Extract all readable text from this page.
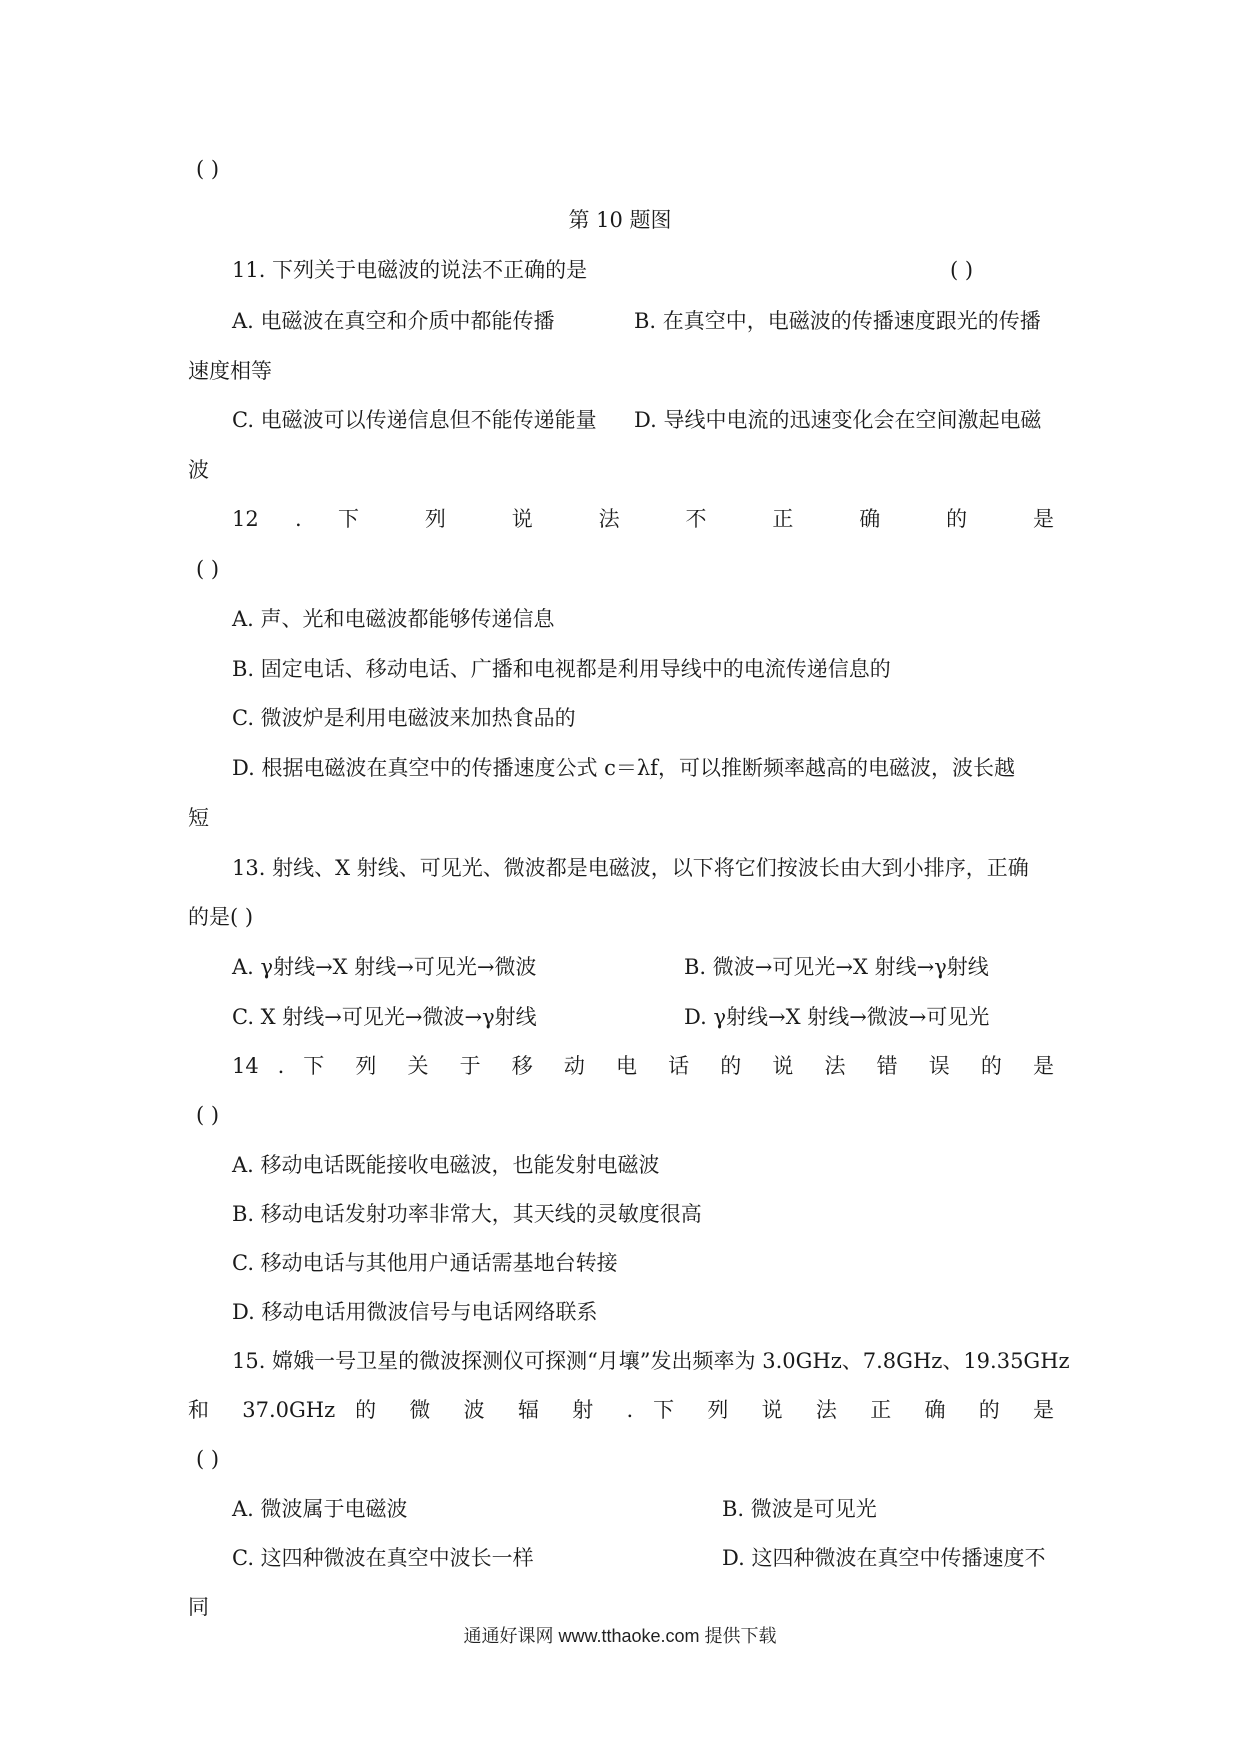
( )
第 10 题图
11. 下列关于电磁波的说法不正确的是	( )
A. 电磁波在真空和介质中都能传播	B. 在真空中，电磁波的传播速度跟光的传播
速度相等
C. 电磁波可以传递信息但不能传递能量 D. 导线中电流的迅速变化会在空间激起电磁
波
12 . 下 列 说 法 不 正 确 的 是
( )
A. 声、光和电磁波都能够传递信息
B. 固定电话、移动电话、广播和电视都是利用导线中的电流传递信息的
C. 微波炉是利用电磁波来加热食品的
D. 根据电磁波在真空中的传播速度公式 c＝λf，可以推断频率越高的电磁波，波长越
短
13. 射线、X 射线、可见光、微波都是电磁波，以下将它们按波长由大到小排序，正确
的是( )
A. γ射线→X 射线→可见光→微波	B. 微波→可见光→X 射线→γ射线
C. X 射线→可见光→微波→γ射线	D. γ射线→X 射线→微波→可见光
14 . 下 列 关 于 移 动 电 话 的 说 法 错 误 的 是
( )
A. 移动电话既能接收电磁波，也能发射电磁波
B. 移动电话发射功率非常大，其天线的灵敏度很高
C. 移动电话与其他用户通话需基地台转接
D. 移动电话用微波信号与电话网络联系
15. 嫦娥一号卫星的微波探测仪可探测“月壤”发出频率为 3.0GHz、7.8GHz、19.35GHz
和 37.0GHz 的 微 波 辐 射 . 下 列 说 法 正 确 的 是
( )
A. 微波属于电磁波	B. 微波是可见光
C. 这四种微波在真空中波长一样	D. 这四种微波在真空中传播速度不
同
通通好课网 www.tthaoke.com 提供下载
